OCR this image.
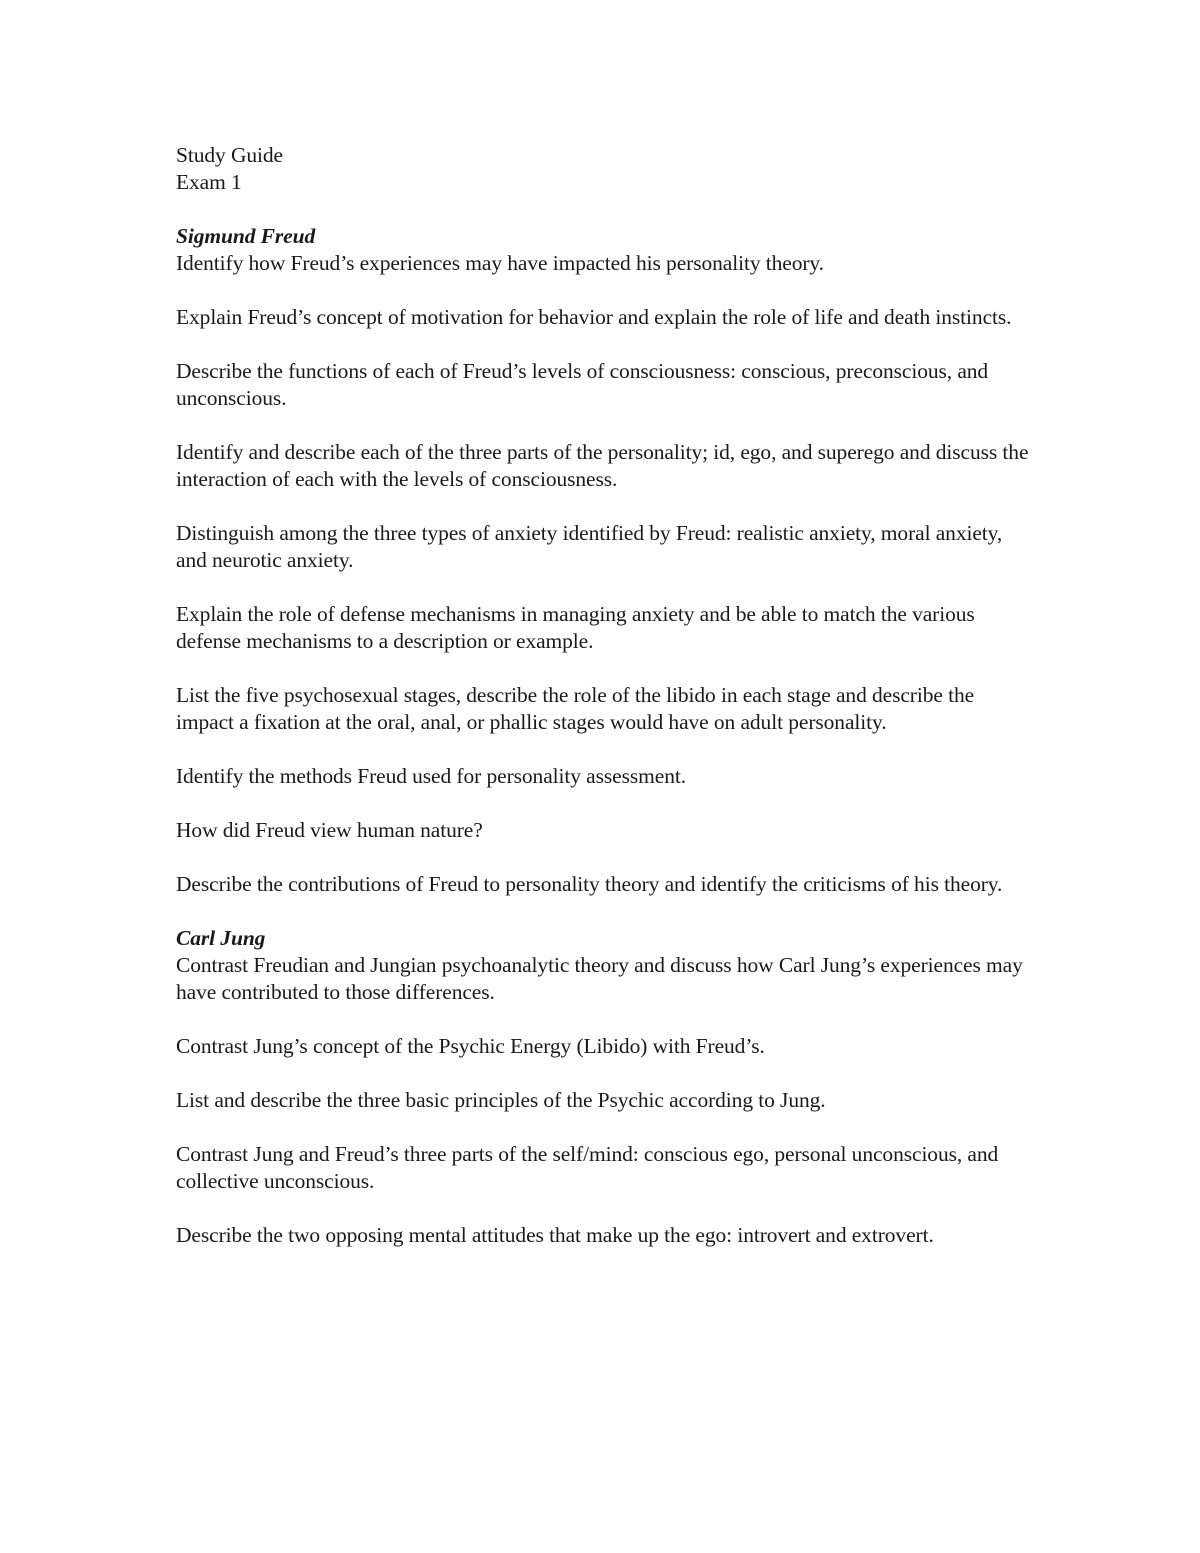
Study Guide

Exam 1

Sigmund Freud

Identify how Freud’s experiences may have impacted his personality theory.

Explain Freud’s concept of motivation for behavior and explain the role of life and death instincts.

Describe the functions of each of Freud’s levels of consciousness: conscious, preconscious, and unconscious.

Identify and describe each of the three parts of the personality; id, ego, and superego and discuss the interaction of each with the levels of consciousness.

Distinguish among the three types of anxiety identified by Freud: realistic anxiety, moral anxiety, and neurotic anxiety.

Explain the role of defense mechanisms in managing anxiety and be able to match the various defense mechanisms to a description or example.

List the five psychosexual stages, describe the role of the libido in each stage and describe the impact a fixation at the oral, anal, or phallic stages would have on adult personality.

Identify the methods Freud used for personality assessment.

How did Freud view human nature?

Describe the contributions of Freud to personality theory and identify the criticisms of his theory.

Carl Jung

Contrast Freudian and Jungian psychoanalytic theory and discuss how Carl Jung’s experiences may have contributed to those differences.

Contrast Jung’s concept of the Psychic Energy (Libido) with Freud’s.

List and describe the three basic principles of the Psychic according to Jung.

Contrast Jung and Freud’s three parts of the self/mind: conscious ego, personal unconscious, and collective unconscious.

Describe the two opposing mental attitudes that make up the ego: introvert and extrovert.
